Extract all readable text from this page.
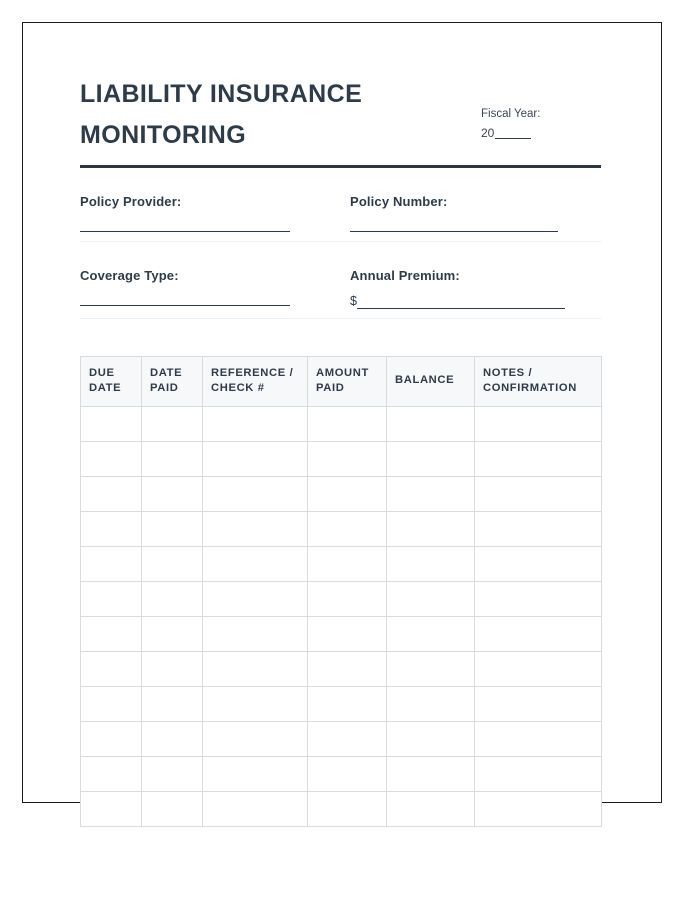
LIABILITY INSURANCE MONITORING
Fiscal Year:
20
Policy Provider:	Policy Number:
Coverage Type:	Annual Premium:
$
DUE DATE	DATE PAID	REFERENCE / CHECK #	AMOUNT PAID	BALANCE	NOTES / CONFIRMATION
